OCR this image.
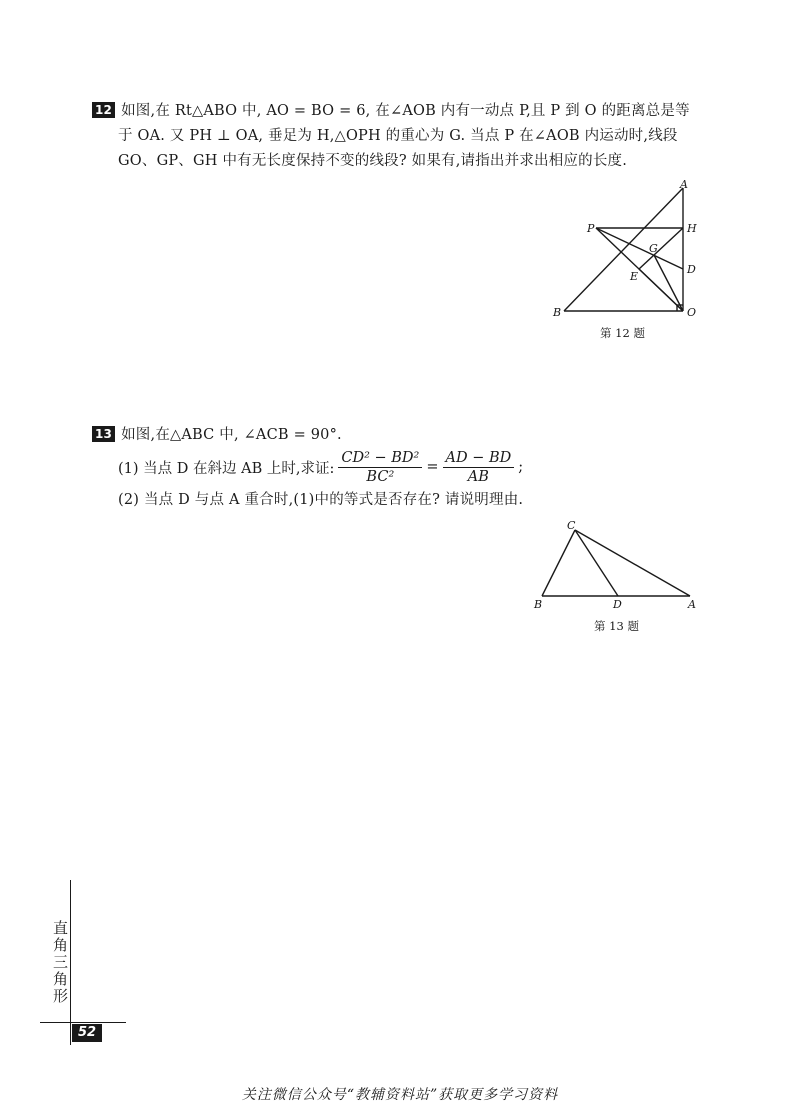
12 如图,在 Rt△ABO 中, AO = BO = 6, 在∠AOB 内有一动点 P,且 P 到 O 的距离总是等
于 OA. 又 PH ⊥ OA, 垂足为 H,△OPH 的重心为 G. 当点 P 在∠AOB 内运动时,线段
GO、GP、GH 中有无长度保持不变的线段? 如果有,请指出并求出相应的长度.
A
B	O
P	H
G
E
D
第 12 题
13 如图,在△ABC 中, ∠ACB = 90°.
(1) 当点 D 在斜边 AB 上时,求证: $\frac{\text{CD² − BD²}}{\text{BC²}} = \frac{AD - BD}{AB}$ ;
(2) 当点 D 与点 A 重合时,(1)中的等式是否存在? 请说明理由.
C
B	D	A
第 13 题
直角三角形
52
关注微信公众号“教辅资料站”获取更多学习资料
